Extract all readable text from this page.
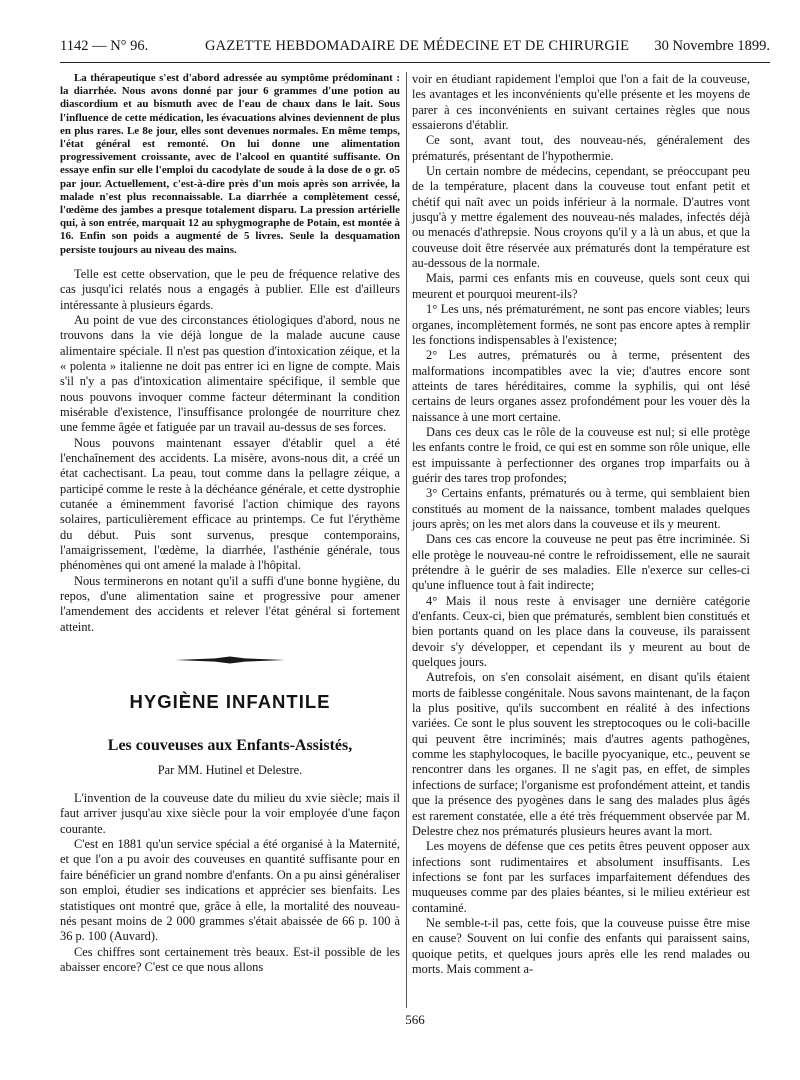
1142 — N° 96.	GAZETTE HEBDOMADAIRE DE MÉDECINE ET DE CHIRURGIE 30 Novembre 1899.

La thérapeutique s'est d'abord adressée au symptôme prédominant : la diarrhée. Nous avons donné par jour 6 grammes d'une potion au diascordium et au bismuth avec de l'eau de chaux dans le lait. Sous l'influence de cette médication, les évacuations alvines deviennent de plus en plus rares. Le 8e jour, elles sont devenues normales. En même temps, l'état général est remonté. On lui donne une alimentation progressivement croissante, avec de l'alcool en quantité suffisante. On essaye enfin sur elle l'emploi du cacodylate de soude à la dose de o gr. o5 par jour. Actuellement, c'est-à-dire près d'un mois après son arrivée, la malade n'est plus reconnaissable. La diarrhée a complètement cessé, l'œdème des jambes a presque totalement disparu. La pression artérielle qui, à son entrée, marquait 12 au sphygmographe de Potain, est montée à 16. Enfin son poids a augmenté de 5 livres. Seule la desquamation persiste toujours au niveau des mains.

Telle est cette observation, que le peu de fréquence relative des cas jusqu'ici relatés nous a engagés à publier. Elle est d'ailleurs intéressante à plusieurs égards.

Au point de vue des circonstances étiologiques d'abord, nous ne trouvons dans la vie déjà longue de la malade aucune cause alimentaire spéciale. Il n'est pas question d'intoxication zéique, et la « polenta » italienne ne doit pas entrer ici en ligne de compte. Mais s'il n'y a pas d'intoxication alimentaire spécifique, il semble que nous pouvons invoquer comme facteur déterminant la condition misérable d'existence, l'insuffisance prolongée de nourriture chez une femme âgée et fatiguée par un travail au-dessus de ses forces.

Nous pouvons maintenant essayer d'établir quel a été l'enchaînement des accidents. La misère, avons-nous dit, a créé un état cachectisant. La peau, tout comme dans la pellagre zéique, a participé comme le reste à la déchéance générale, et cette dystrophie cutanée a éminemment favorisé l'action chimique des rayons solaires, particulièrement efficace au printemps. Ce fut l'érythème du début. Puis sont survenus, presque contemporains, l'amaigrissement, l'œdème, la diarrhée, l'asthénie générale, tous phénomènes qui ont amené la malade à l'hôpital.

Nous terminerons en notant qu'il a suffi d'une bonne hygiène, du repos, d'une alimentation saine et progressive pour amener l'amendement des accidents et relever l'état général si fortement atteint.

HYGIÈNE INFANTILE
Les couveuses aux Enfants-Assistés,
Par MM. Hutinel et Delestre.

L'invention de la couveuse date du milieu du xvie siècle; mais il faut arriver jusqu'au xixe siècle pour la voir employée d'une façon courante.

C'est en 1881 qu'un service spécial a été organisé à la Maternité, et que l'on a pu avoir des couveuses en quantité suffisante pour en faire bénéficier un grand nombre d'enfants. On a pu ainsi généraliser son emploi, étudier ses indications et apprécier ses bienfaits. Les statistiques ont montré que, grâce à elle, la mortalité des nouveau-nés pesant moins de 2 000 grammes s'était abaissée de 66 p. 100 à 36 p. 100 (Auvard).

Ces chiffres sont certainement très beaux. Est-il possible de les abaisser encore? C'est ce que nous allons

voir en étudiant rapidement l'emploi que l'on a fait de la couveuse, les avantages et les inconvénients qu'elle présente et les moyens de parer à ces inconvénients en suivant certaines règles que nous essaierons d'établir.

Ce sont, avant tout, des nouveau-nés, généralement des prématurés, présentant de l'hypothermie.

Un certain nombre de médecins, cependant, se préoccupant peu de la température, placent dans la couveuse tout enfant petit et chétif qui naît avec un poids inférieur à la normale. D'autres vont jusqu'à y mettre également des nouveau-nés malades, infectés déjà ou menacés d'athrepsie. Nous croyons qu'il y a là un abus, et que la couveuse doit être réservée aux prématurés dont la température est au-dessous de la normale.

Mais, parmi ces enfants mis en couveuse, quels sont ceux qui meurent et pourquoi meurent-ils?

1° Les uns, nés prématurément, ne sont pas encore viables; leurs organes, incomplètement formés, ne sont pas encore aptes à remplir les fonctions indispensables à l'existence;

2° Les autres, prématurés ou à terme, présentent des malformations incompatibles avec la vie; d'autres encore sont atteints de tares héréditaires, comme la syphilis, qui ont lésé certains de leurs organes assez profondément pour les vouer dès la naissance à une mort certaine.

Dans ces deux cas le rôle de la couveuse est nul; si elle protège les enfants contre le froid, ce qui est en somme son rôle unique, elle est impuissante à perfectionner des organes trop imparfaits ou à guérir des tares trop profondes;

3° Certains enfants, prématurés ou à terme, qui semblaient bien constitués au moment de la naissance, tombent malades quelques jours après; on les met alors dans la couveuse et ils y meurent.

Dans ces cas encore la couveuse ne peut pas être incriminée. Si elle protège le nouveau-né contre le refroidissement, elle ne saurait prétendre à le guérir de ses maladies. Elle n'exerce sur celles-ci qu'une influence tout à fait indirecte;

4° Mais il nous reste à envisager une dernière catégorie d'enfants. Ceux-ci, bien que prématurés, semblent bien constitués et bien portants quand on les place dans la couveuse, ils paraissent devoir s'y développer, et cependant ils y meurent au bout de quelques jours.

Autrefois, on s'en consolait aisément, en disant qu'ils étaient morts de faiblesse congénitale. Nous savons maintenant, de la façon la plus positive, qu'ils succombent en réalité à des infections variées. Ce sont le plus souvent les streptocoques ou le coli-bacille qui peuvent être incriminés; mais d'autres agents pathogènes, comme les staphylocoques, le bacille pyocyanique, etc., peuvent se rencontrer dans les organes. Il ne s'agit pas, en effet, de simples infections de surface; l'organisme est profondément atteint, et tandis que la présence des pyogènes dans le sang des malades plus âgés est rarement constatée, elle a été très fréquemment observée par M. Delestre chez nos prématurés plusieurs heures avant la mort.

Les moyens de défense que ces petits êtres peuvent opposer aux infections sont rudimentaires et absolument insuffisants. Les infections se font par les surfaces imparfaitement défendues des muqueuses comme par des plaies béantes, si le milieu extérieur est contaminé.

Ne semble-t-il pas, cette fois, que la couveuse puisse être mise en cause? Souvent on lui confie des enfants qui paraissent sains, quoique petits, et quelques jours après elle les rend malades ou morts. Mais comment a-

566
